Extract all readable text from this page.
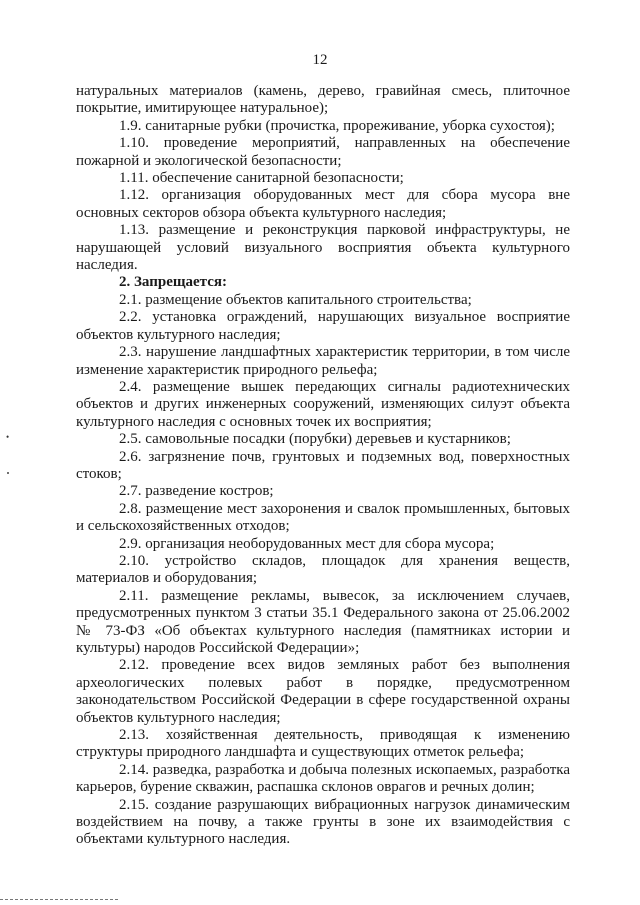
12

натуральных материалов (камень, дерево, гравийная смесь, плиточное покрытие, имитирующее натуральное);

1.9. санитарные рубки (прочистка, прореживание, уборка сухостоя);

1.10. проведение мероприятий, направленных на обеспечение пожарной и экологической безопасности;

1.11. обеспечение санитарной безопасности;

1.12. организация оборудованных мест для сбора мусора вне основных секторов обзора объекта культурного наследия;

1.13. размещение и реконструкция парковой инфраструктуры, не нарушающей условий визуального восприятия объекта культурного наследия.

2. Запрещается:

2.1. размещение объектов капитального строительства;

2.2. установка ограждений, нарушающих визуальное восприятие объектов культурного наследия;

2.3. нарушение ландшафтных характеристик территории, в том числе изменение характеристик природного рельефа;

2.4. размещение вышек передающих сигналы радиотехнических объектов и других инженерных сооружений, изменяющих силуэт объекта культурного наследия с основных точек их восприятия;

2.5. самовольные посадки (порубки) деревьев и кустарников;

2.6. загрязнение почв, грунтовых и подземных вод, поверхностных стоков;

2.7. разведение костров;

2.8. размещение мест захоронения и свалок промышленных, бытовых и сельскохозяйственных отходов;

2.9. организация необорудованных мест для сбора мусора;

2.10. устройство складов, площадок для хранения веществ, материалов и оборудования;

2.11. размещение рекламы, вывесок, за исключением случаев, предусмотренных пунктом 3 статьи 35.1 Федерального закона от 25.06.2002 № 73-ФЗ «Об объектах культурного наследия (памятниках истории и культуры) народов Российской Федерации»;

2.12. проведение всех видов земляных работ без выполнения археологических полевых работ в порядке, предусмотренном законодательством Российской Федерации в сфере государственной охраны объектов культурного наследия;

2.13. хозяйственная деятельность, приводящая к изменению структуры природного ландшафта и существующих отметок рельефа;

2.14. разведка, разработка и добыча полезных ископаемых, разработка карьеров, бурение скважин, распашка склонов оврагов и речных долин;

2.15. создание разрушающих вибрационных нагрузок динамическим воздействием на почву, а также грунты в зоне их взаимодействия с объектами культурного наследия.

•
